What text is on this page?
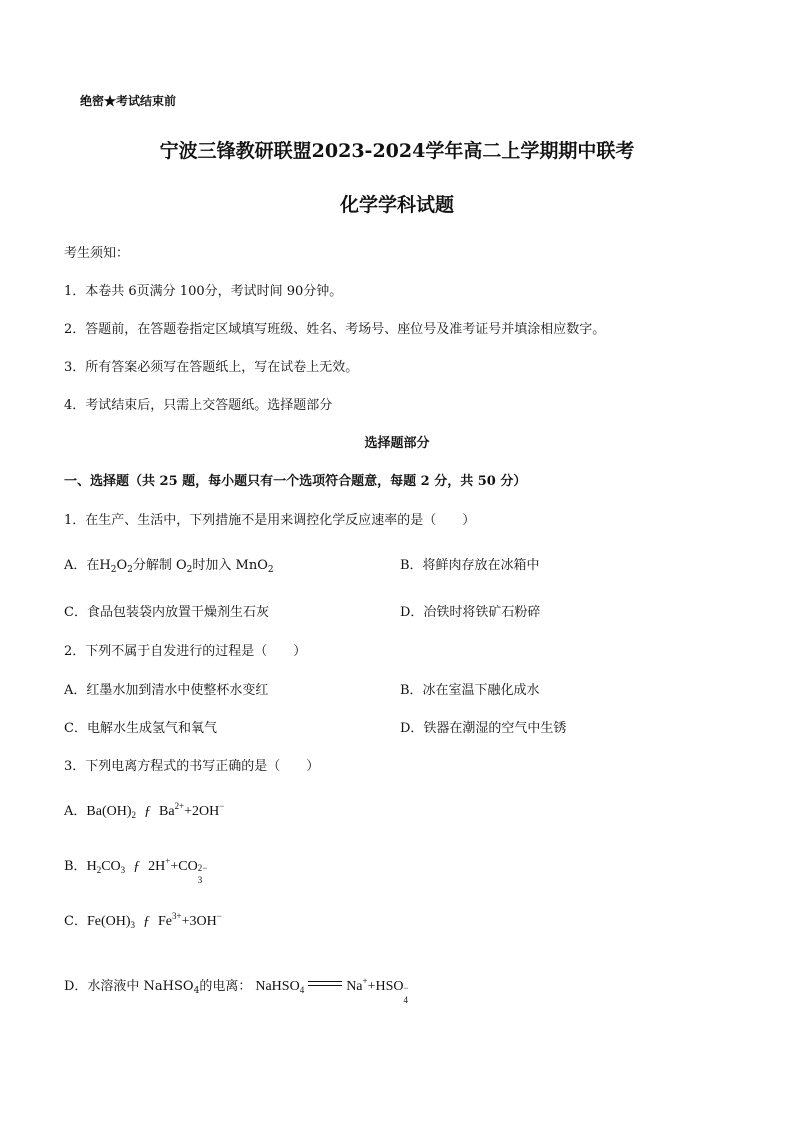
绝密★考试结束前
宁波三锋教研联盟2023-2024学年高二上学期期中联考
化学学科试题
考生须知：
1．本卷共 6页满分 100分，考试时间 90分钟。
2．答题前，在答题卷指定区域填写班级、姓名、考场号、座位号及准考证号并填涂相应数字。
3．所有答案必须写在答题纸上，写在试卷上无效。
4．考试结束后，只需上交答题纸。选择题部分
选择题部分
一、选择题（共 25 题，每小题只有一个选项符合题意，每题 2 分，共 50 分）
1．在生产、生活中，下列措施不是用来调控化学反应速率的是（　　）
A．在$H_2O_2$分解制 $O_2$时加入 MnO$_2$	B．将鲜肉存放在冰箱中
C．食品包装袋内放置干燥剂生石灰	D．冶铁时将铁矿石粉碎
2．下列不属于自发进行的过程是（　　）
A．红墨水加到清水中使整杯水变红	B．冰在室温下融化成水
C．电解水生成氢气和氧气	D．铁器在潮湿的空气中生锈
3．下列电离方程式的书写正确的是（　　）
A．$Ba(OH)_2$ ƒ $Ba^{2+}+2OH^-$
B．$H_2CO_3$ ƒ 2H++CO 2−
3
C．$Fe(OH)_3$ ƒ $Fe^{3+}+3OH^-$
D．水溶液中 NaHSO$_4$的电离： NaHSO$_4$	Na++HSO −
4
